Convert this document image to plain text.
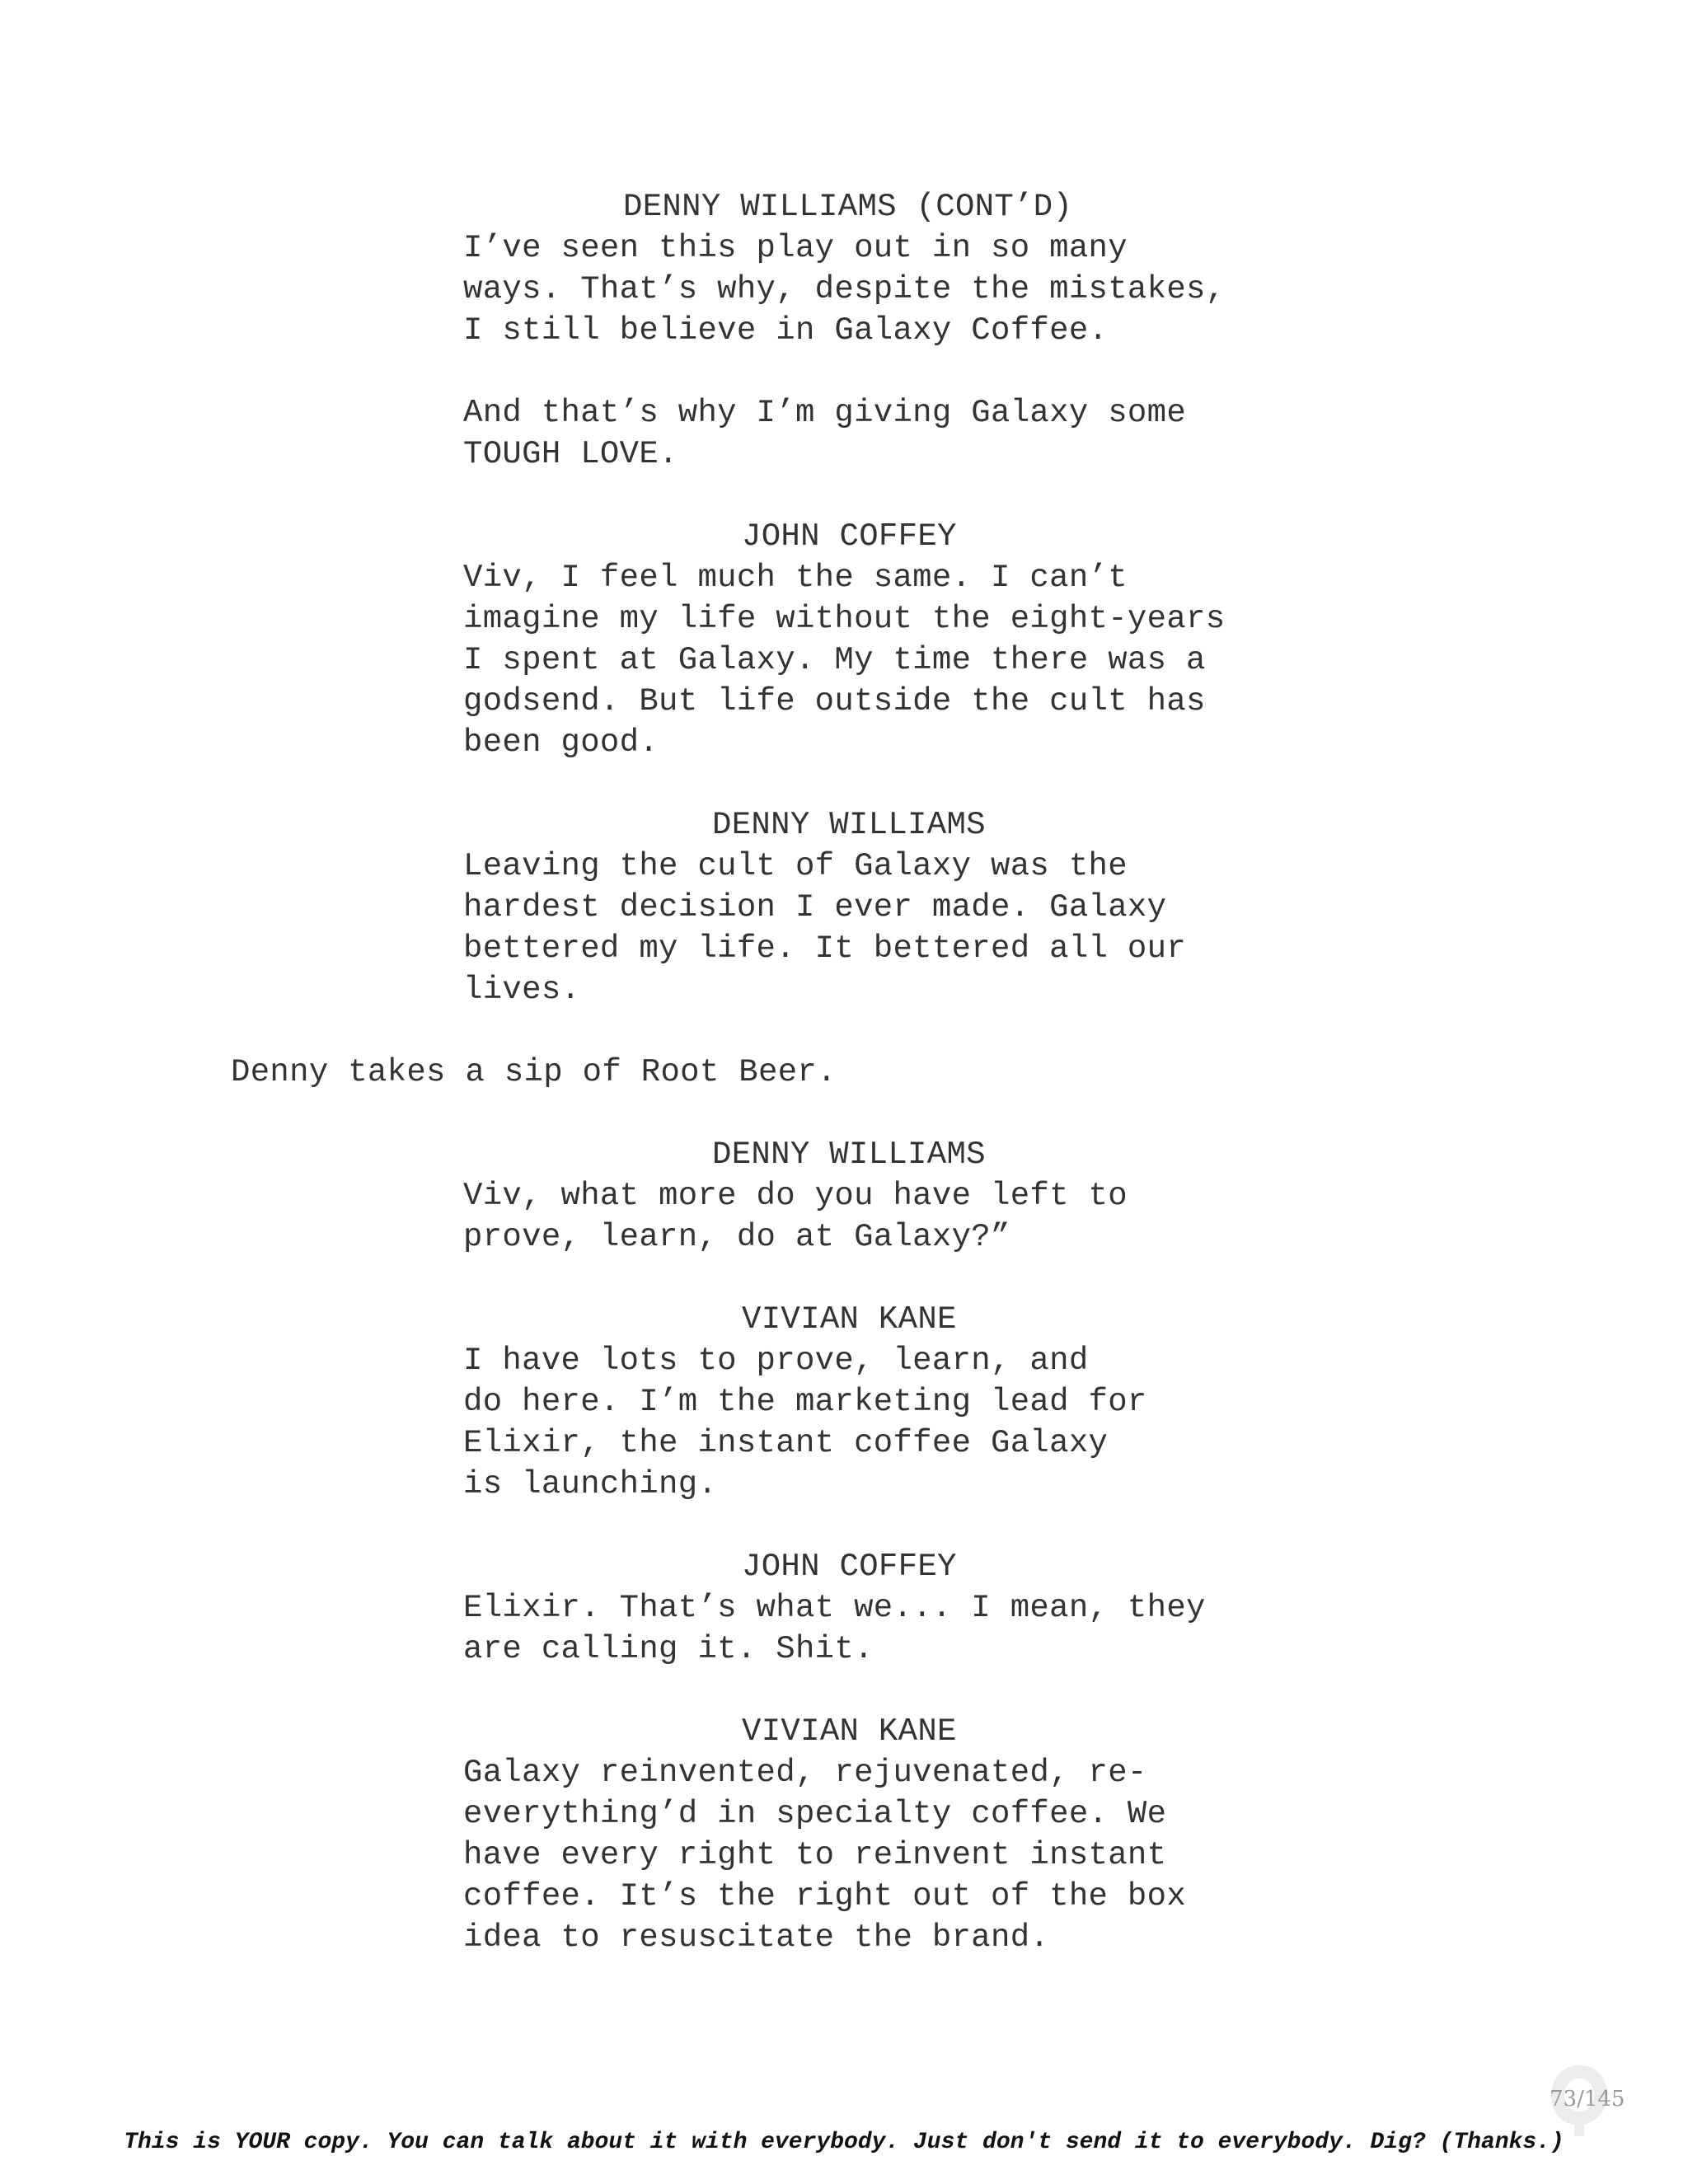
DENNY WILLIAMS (CONT’D)
I’ve seen this play out in so many
ways. That’s why, despite the mistakes,
I still believe in Galaxy Coffee.
And that’s why I’m giving Galaxy some
TOUGH LOVE.
JOHN COFFEY
Viv, I feel much the same. I can’t
imagine my life without the eight-years
I spent at Galaxy. My time there was a
godsend. But life outside the cult has
been good.
DENNY WILLIAMS
Leaving the cult of Galaxy was the
hardest decision I ever made. Galaxy
bettered my life. It bettered all our
lives.
Denny takes a sip of Root Beer.
DENNY WILLIAMS
Viv, what more do you have left to
prove, learn, do at Galaxy?”
VIVIAN KANE
I have lots to prove, learn, and
do here. I’m the marketing lead for
Elixir, the instant coffee Galaxy
is launching.
JOHN COFFEY
Elixir. That’s what we... I mean, they
are calling it. Shit.
VIVIAN KANE
Galaxy reinvented, rejuvenated, re-
everything’d in specialty coffee. We
have every right to reinvent instant
coffee. It’s the right out of the box
idea to resuscitate the brand.
73/145
This is YOUR copy. You can talk about it with everybody. Just don't send it to everybody. Dig? (Thanks.)
